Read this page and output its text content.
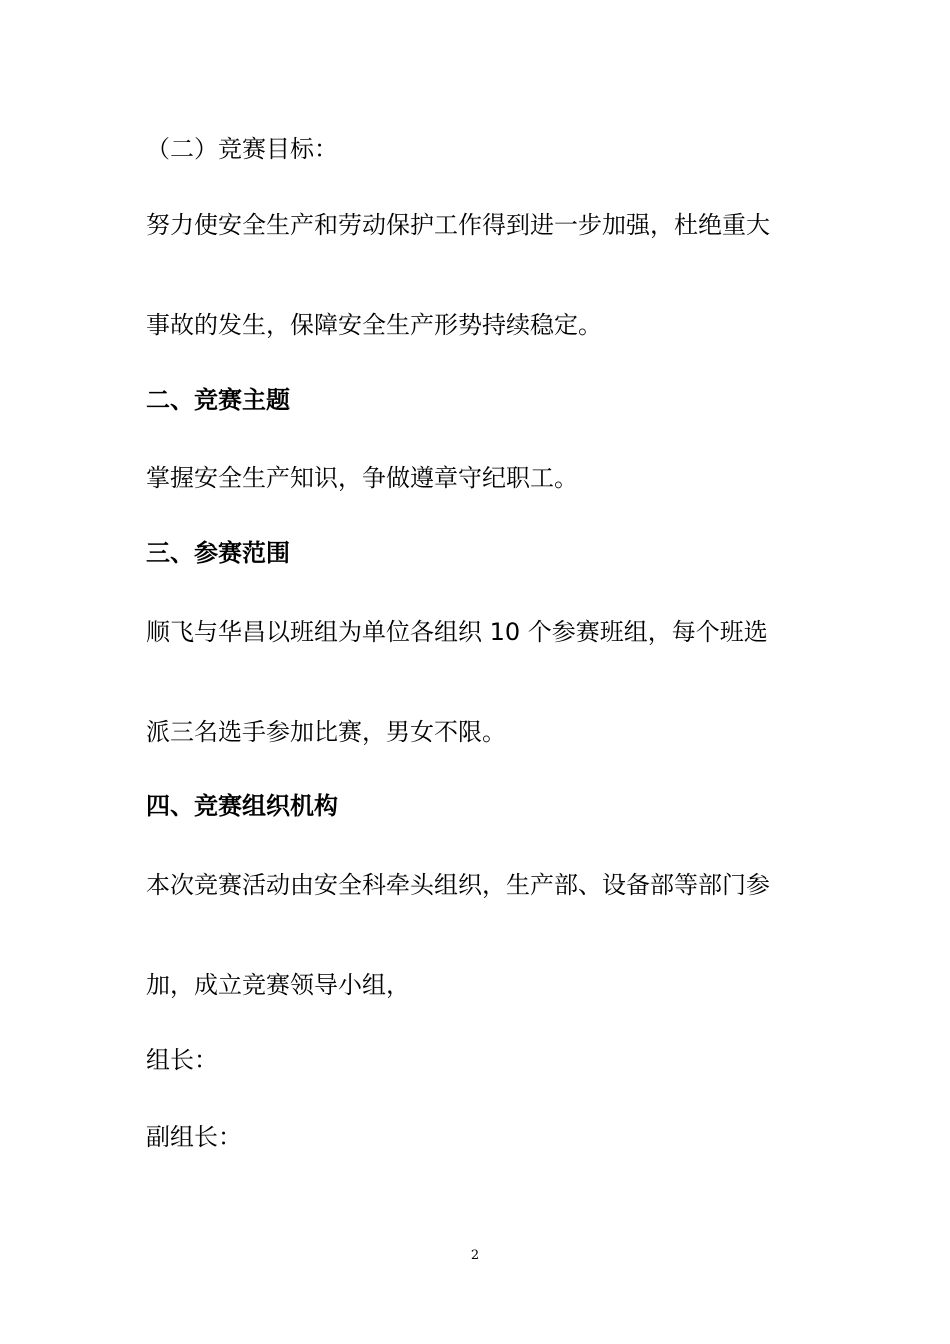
（二）竞赛目标：
努力使安全生产和劳动保护工作得到进一步加强，杜绝重大
事故的发生，保障安全生产形势持续稳定。
二、竞赛主题
掌握安全生产知识，争做遵章守纪职工。
三、参赛范围
顺飞与华昌以班组为单位各组织 10 个参赛班组，每个班选
派三名选手参加比赛，男女不限。
四、竞赛组织机构
本次竞赛活动由安全科牵头组织，生产部、设备部等部门参
加，成立竞赛领导小组，
组长：
副组长：
2
